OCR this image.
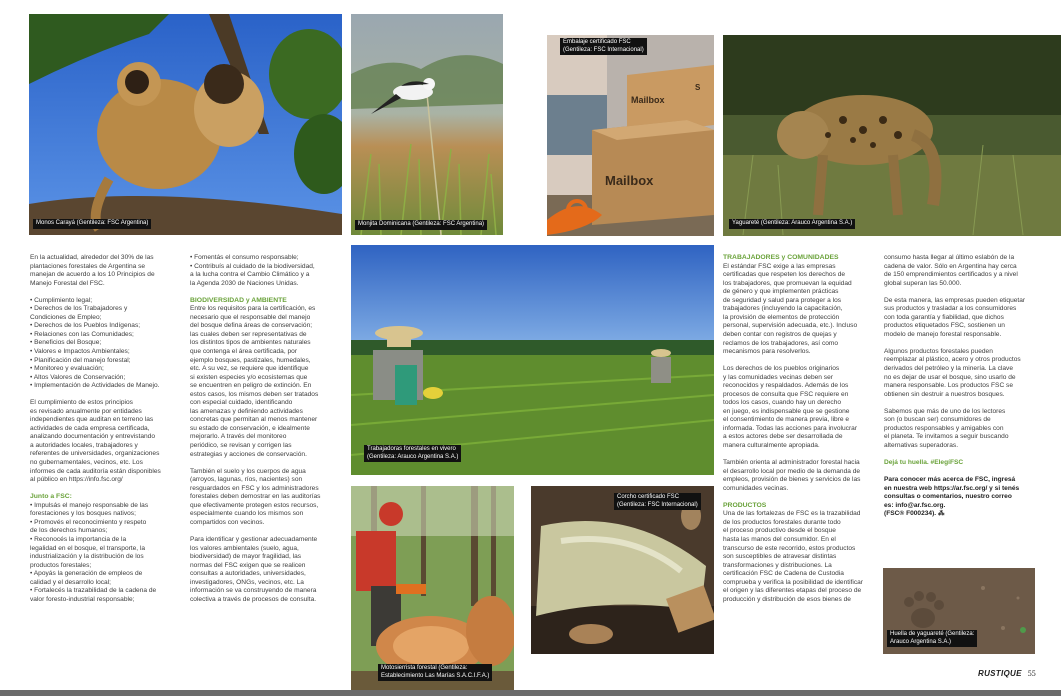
Monos Carayá (Gentileza: FSC Argentina)	Monjita Dominicana (Gentileza: FSC Argentina)
Mailbox
S
Mailbox
Embalaje certificado FSC
(Gentileza: FSC Internacional)
Yaguareté (Gentileza: Arauco Argentina S.A.)
Trabajadoras forestales en vivero
(Gentileza: Arauco Argentina S.A.)
Motosierrista forestal (Gentileza:
Establecimiento Las Marías S.A.C.I.F.A.)
Corcho certificado FSC
(Gentileza: FSC Internacional)
Huella de yaguareté (Gentileza:
Arauco Argentina S.A.)

En la actualidad, alrededor del 30% de las
plantaciones forestales de Argentina se
manejan de acuerdo a los 10 Principios de
Manejo Forestal del FSC.

• Cumplimiento legal;
• Derechos de los Trabajadores y
Condiciones de Empleo;
• Derechos de los Pueblos Indígenas;
• Relaciones con las Comunidades;
• Beneficios del Bosque;
• Valores e Impactos Ambientales;
• Planificación del manejo forestal;
• Monitoreo y evaluación;
• Altos Valores de Conservación;
• Implementación de Actividades de Manejo.

El cumplimiento de estos principios
es revisado anualmente por entidades
independientes que auditan en terreno las
actividades de cada empresa certificada,
analizando documentación y entrevistando
a autoridades locales, trabajadores y
referentes de universidades, organizaciones
no gubernamentales, vecinos, etc. Los
informes de cada auditoría están disponibles
al público en https://info.fsc.org/

Junto a FSC:
• Impulsás el manejo responsable de las
forestaciones y los bosques nativos;
• Promovés el reconocimiento y respeto
de los derechos humanos;
• Reconocés la importancia de la
legalidad en el bosque, el transporte, la
industrialización y la distribución de los
productos forestales;
• Apoyás la generación de empleos de
calidad y el desarrollo local;
• Fortalecés la trazabilidad de la cadena de
valor foresto-industrial responsable;
• Fomentás el consumo responsable;
• Contribuís al cuidado de la biodiversidad,
a la lucha contra el Cambio Climático y a
la Agenda 2030 de Naciones Unidas.
BIODIVERSIDAD y AMBIENTE

Entre los requisitos para la certificación, es
necesario que el responsable del manejo
del bosque defina áreas de conservación;
las cuales deben ser representativas de
los distintos tipos de ambientes naturales
que contenga el área certificada, por
ejemplo bosques, pastizales, humedales,
etc. A su vez, se requiere que identifique
si existen especies y/o ecosistemas que
se encuentren en peligro de extinción. En
estos casos, los mismos deben ser tratados
con especial cuidado, identificando
las amenazas y definiendo actividades
concretas que permitan al menos mantener
su estado de conservación, e idealmente
mejorarlo. A través del monitoreo
periódico, se revisan y corrigen las
estrategias y acciones de conservación.

También el suelo y los cuerpos de agua
(arroyos, lagunas, ríos, nacientes) son
resguardados en FSC y los administradores
forestales deben demostrar en las auditorías
que efectivamente protegen estos recursos,
especialmente cuando los mismos son
compartidos con vecinos.

Para identificar y gestionar adecuadamente
los valores ambientales (suelo, agua,
biodiversidad) de mayor fragilidad, las
normas del FSC exigen que se realicen
consultas a autoridades, universidades,
investigadores, ONGs, vecinos, etc. La
información se va construyendo de manera
colectiva a través de procesos de consulta.

TRABAJADORES y COMUNIDADES

El estándar FSC exige a las empresas
certificadas que respeten los derechos de
los trabajadores, que promuevan la equidad
de género y que implementen prácticas
de seguridad y salud para proteger a los
trabajadores (incluyendo la capacitación,
la provisión de elementos de protección
personal, supervisión adecuada, etc.). Incluso
deben contar con registros de quejas y
reclamos de los trabajadores, así como
mecanismos para resolverlos.

Los derechos de los pueblos originarios
y las comunidades vecinas deben ser
reconocidos y respaldados. Además de los
procesos de consulta que FSC requiere en
todos los casos, cuando hay un derecho
en juego, es indispensable que se gestione
el consentimiento de manera previa, libre e
informada. Todas las acciones para involucrar
a estos actores debe ser desarrollada de
manera culturalmente apropiada.

También orienta al administrador forestal hacia
el desarrollo local por medio de la demanda de
empleos, provisión de bienes y servicios de las
comunidades vecinas.

PRODUCTOS

Una de las fortalezas de FSC es la trazabilidad
de los productos forestales durante todo
el proceso productivo desde el bosque
hasta las manos del consumidor. En el
transcurso de este recorrido, estos productos
son susceptibles de atravesar distintas
transformaciones y distribuciones. La
certificación FSC de Cadena de Custodia
comprueba y verifica la posibilidad de identificar
el origen y las diferentes etapas del proceso de
producción y distribución de esos bienes de

consumo hasta llegar al último eslabón de la
cadena de valor. Sólo en Argentina hay cerca
de 150 emprendimientos certificados y a nivel
global superan las 50.000.

De esta manera, las empresas pueden etiquetar
sus productos y trasladar a los consumidores
con toda garantía y fiabilidad, que dichos
productos etiquetados FSC, sostienen un
modelo de manejo forestal responsable.

Algunos productos forestales pueden
reemplazar al plástico, acero y otros productos
derivados del petróleo y la minería. La clave
no es dejar de usar el bosque, sino usarlo de
manera responsable. Los productos FSC se
obtienen sin destruir a nuestros bosques.

Sabemos que más de uno de los lectores
son (o buscan ser) consumidores de
productos responsables y amigables con
el planeta. Te invitamos a seguir buscando
alternativas superadoras.

Dejá tu huella. #ElegíFSC

Para conocer más acerca de FSC, ingresá
en nuestra web https://ar.fsc.org/ y si tenés
consultas o comentarios, nuestro correo
es: info@ar.fsc.org.
(FSC® F000234). ⁂

RUSTIQUE 55
